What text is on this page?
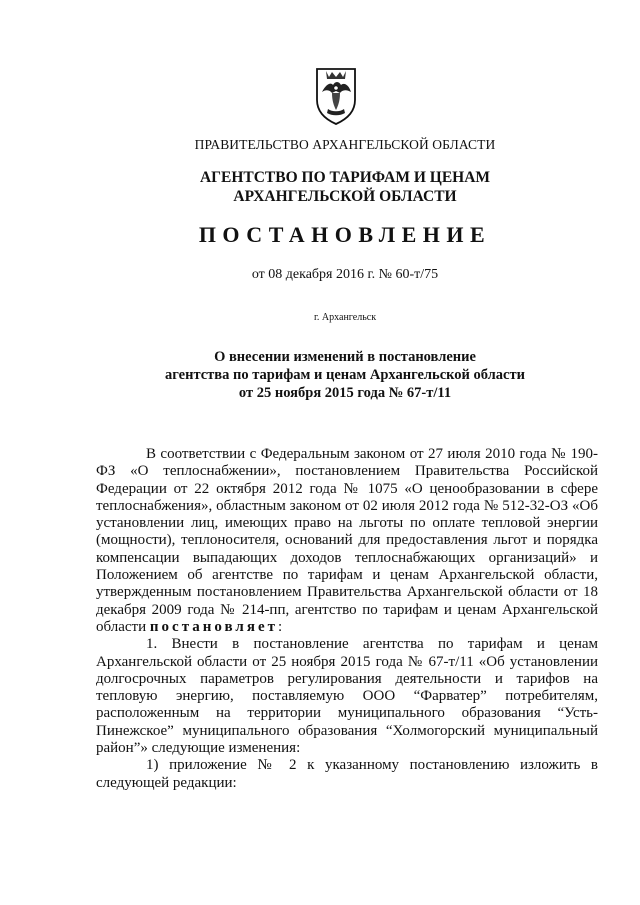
ПРАВИТЕЛЬСТВО АРХАНГЕЛЬСКОЙ ОБЛАСТИ
АГЕНТСТВО ПО ТАРИФАМ И ЦЕНАМ
АРХАНГЕЛЬСКОЙ ОБЛАСТИ
ПОСТАНОВЛЕНИЕ
от 08 декабря 2016 г. № 60-т/75
г. Архангельск
О внесении изменений в постановление
агентства по тарифам и ценам Архангельской области
от 25 ноября 2015 года № 67-т/11

В соответствии с Федеральным законом от 27 июля 2010 года № 190-ФЗ «О теплоснабжении», постановлением Правительства Российской Федерации от 22 октября 2012 года № 1075 «О ценообразовании в сфере теплоснабжения», областным законом от 02 июля 2012 года № 512-32-ОЗ «Об установлении лиц, имеющих право на льготы по оплате тепловой энергии (мощности), теплоносителя, оснований для предоставления льгот и порядка компенсации выпадающих доходов теплоснабжающих организаций» и Положением об агентстве по тарифам и ценам Архангельской области, утвержденным постановлением Правительства Архангельской области от 18 декабря 2009 года № 214-пп, агентство по тарифам и ценам Архангельской области постановляет:

1. Внести в постановление агентства по тарифам и ценам Архангельской области от 25 ноября 2015 года № 67-т/11 «Об установлении долгосрочных параметров регулирования деятельности и тарифов на тепловую энергию, поставляемую ООО “Фарватер” потребителям, расположенным на территории муниципального образования “Усть-Пинежское” муниципального образования “Холмогорский муниципальный район”» следующие изменения:

1) приложение № 2 к указанному постановлению изложить в следующей редакции:
